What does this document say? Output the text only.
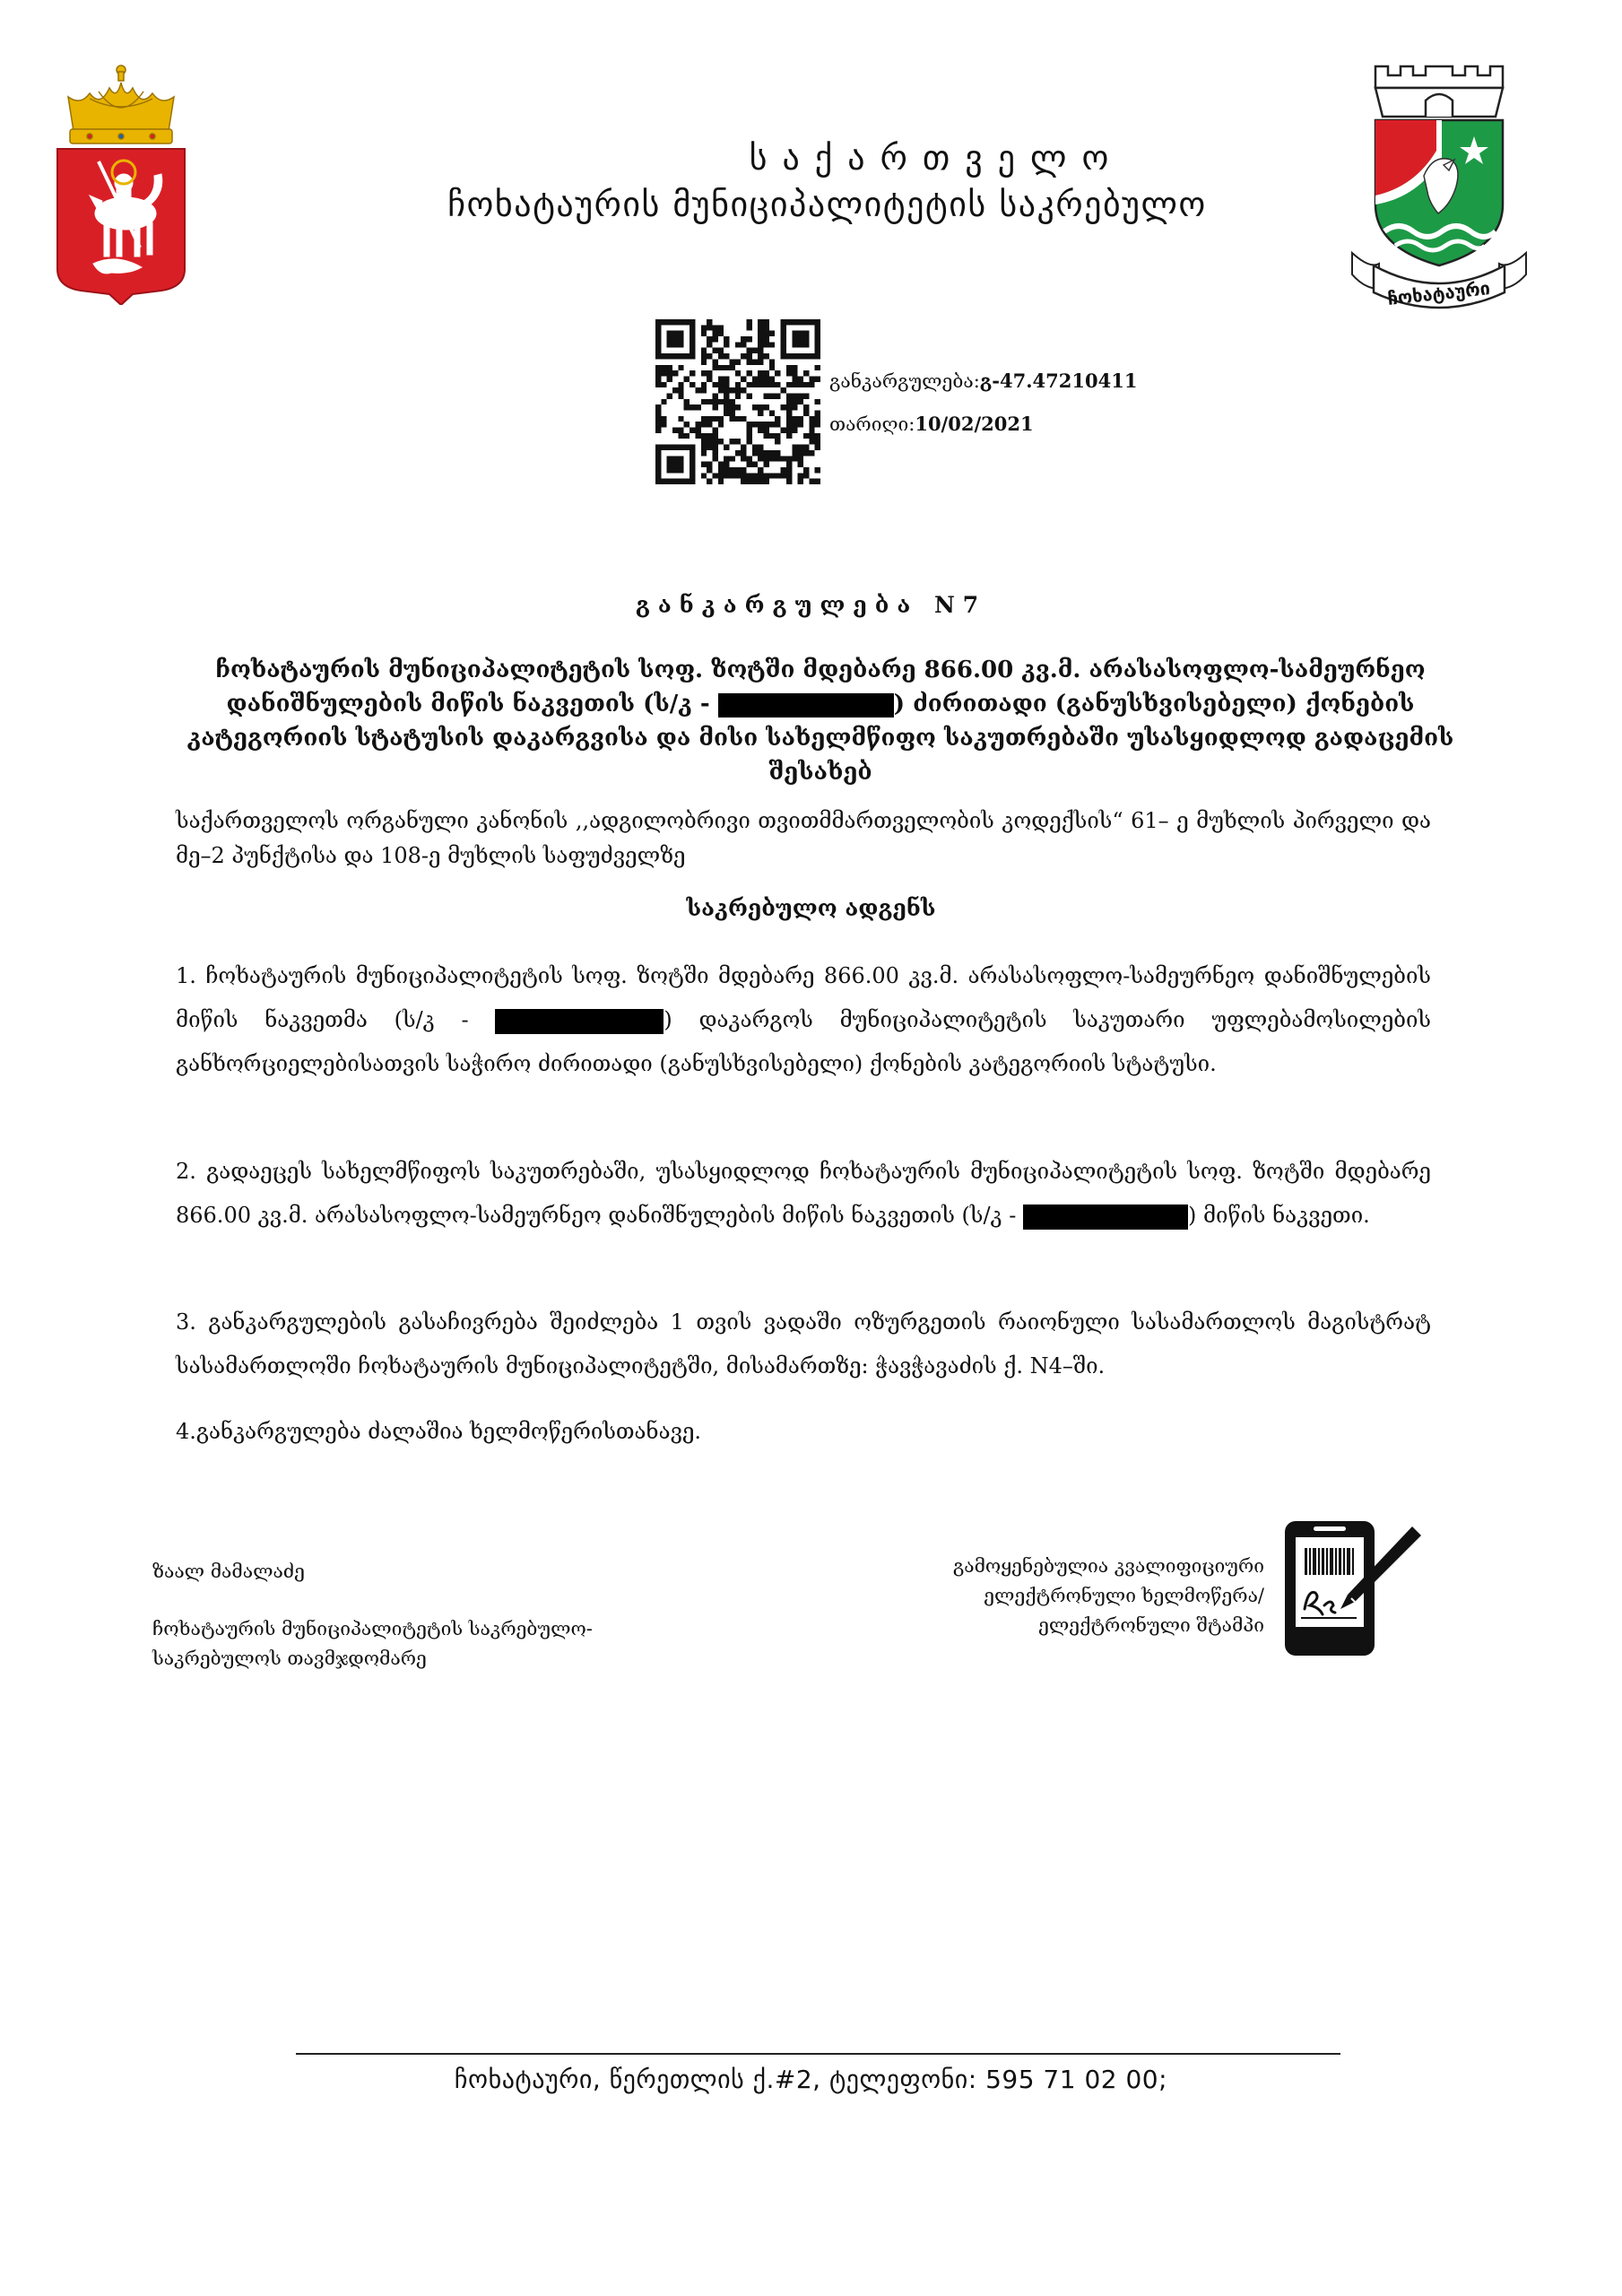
საქართველო
ჩოხატაურის მუნიციპალიტეტის საკრებულო
ჩოხატაური
განკარგულება:გ-47.47210411
თარიღი:10/02/2021
განკარგულება N7
ჩოხატაურის მუნიციპალიტეტის სოფ. ზოტში მდებარე 866.00 კვ.მ. არასასოფლო-სამეურნეო დანიშნულების მიწის ნაკვეთის (ს/კ -	) ძირითადი (განუსხვისებელი) ქონების კატეგორიის სტატუსის დაკარგვისა და მისი სახელმწიფო საკუთრებაში უსასყიდლოდ გადაცემის შესახებ
საქართველოს ორგანული კანონის ,,ადგილობრივი თვითმმართველობის კოდექსის“ 61– ე მუხლის პირველი და მე–2 პუნქტისა და 108-ე მუხლის საფუძველზე
საკრებულო ადგენს
1. ჩოხატაურის მუნიციპალიტეტის სოფ. ზოტში მდებარე 866.00 კვ.მ. არასასოფლო-სამეურნეო დანიშნულების მიწის ნაკვეთმა (ს/კ -	) დაკარგოს მუნიციპალიტეტის საკუთარი უფლებამოსილების განხორციელებისათვის საჭირო ძირითადი (განუსხვისებელი) ქონების კატეგორიის სტატუსი.
2. გადაეცეს სახელმწიფოს საკუთრებაში, უსასყიდლოდ ჩოხატაურის მუნიციპალიტეტის სოფ. ზოტში მდებარე 866.00 კვ.მ. არასასოფლო-სამეურნეო დანიშნულების მიწის ნაკვეთის (ს/კ -	) მიწის ნაკვეთი.
3. განკარგულების გასაჩივრება შეიძლება 1 თვის ვადაში ოზურგეთის რაიონული სასამართლოს მაგისტრატ სასამართლოში ჩოხატაურის მუნიციპალიტეტში, მისამართზე: ჭავჭავაძის ქ. N4–ში.
4.განკარგულება ძალაშია ხელმოწერისთანავე.
ზაალ მამალაძე
ჩოხატაურის მუნიციპალიტეტის საკრებულო-
საკრებულოს თავმჯდომარე
გამოყენებულია კვალიფიციური
ელექტრონული ხელმოწერა/
ელექტრონული შტამპი
ჩოხატაური, წერეთლის ქ.#2, ტელეფონი: 595 71 02 00;
